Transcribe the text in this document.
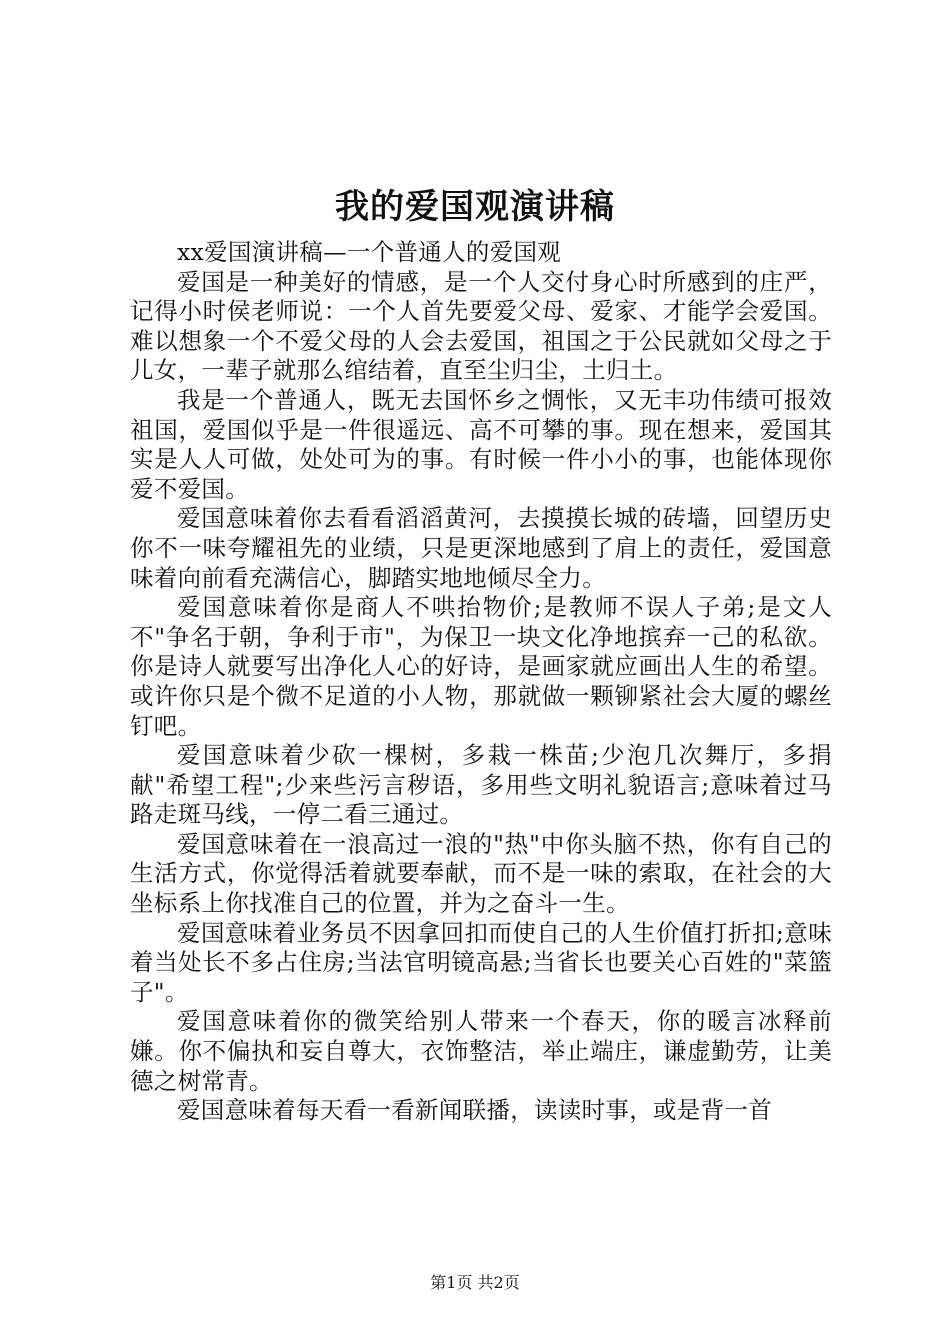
我的爱国观演讲稿

xx爱国演讲稿—一个普通人的爱国观

爱国是一种美好的情感，是一个人交付身心时所感到的庄严，记得小时侯老师说：一个人首先要爱父母、爱家、才能学会爱国。难以想象一个不爱父母的人会去爱国，祖国之于公民就如父母之于儿女，一辈子就那么绾结着，直至尘归尘，土归土。

我是一个普通人，既无去国怀乡之惆怅，又无丰功伟绩可报效祖国，爱国似乎是一件很遥远、高不可攀的事。现在想来，爱国其实是人人可做，处处可为的事。有时候一件小小的事，也能体现你爱不爱国。

爱国意味着你去看看滔滔黄河，去摸摸长城的砖墙，回望历史你不一味夸耀祖先的业绩，只是更深地感到了肩上的责任，爱国意味着向前看充满信心，脚踏实地地倾尽全力。

爱国意味着你是商人不哄抬物价;是教师不误人子弟;是文人不"争名于朝，争利于市"，为保卫一块文化净地摈弃一己的私欲。你是诗人就要写出净化人心的好诗，是画家就应画出人生的希望。或许你只是个微不足道的小人物，那就做一颗铆紧社会大厦的螺丝钉吧。

爱国意味着少砍一棵树，多栽一株苗;少泡几次舞厅，多捐献"希望工程";少来些污言秽语，多用些文明礼貌语言;意味着过马路走斑马线，一停二看三通过。

爱国意味着在一浪高过一浪的"热"中你头脑不热，你有自己的生活方式，你觉得活着就要奉献，而不是一味的索取，在社会的大坐标系上你找准自己的位置，并为之奋斗一生。

爱国意味着业务员不因拿回扣而使自己的人生价值打折扣;意味着当处长不多占住房;当法官明镜高悬;当省长也要关心百姓的"菜篮子"。

爱国意味着你的微笑给别人带来一个春天，你的暖言冰释前嫌。你不偏执和妄自尊大，衣饰整洁，举止端庄，谦虚勤劳，让美德之树常青。

爱国意味着每天看一看新闻联播，读读时事，或是背一首

第1页 共2页
